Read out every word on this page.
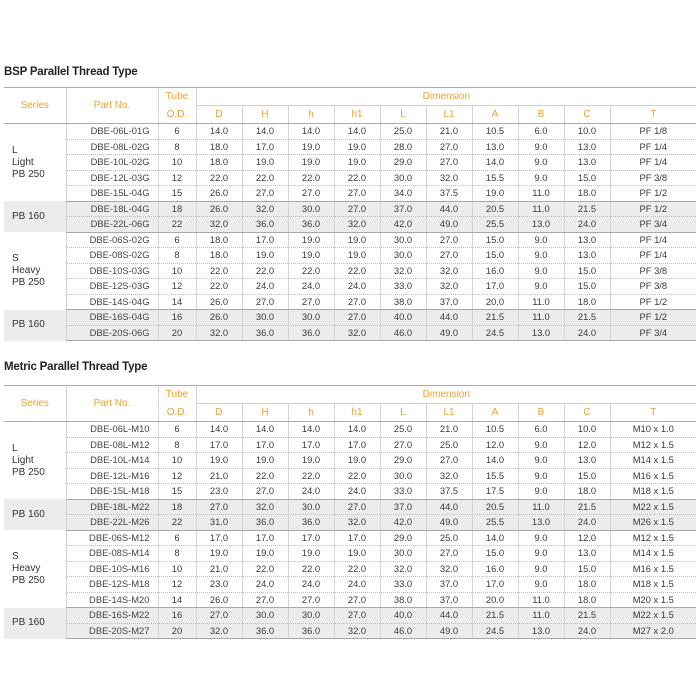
BSP Parallel Thread Type
Series	Part No.	Tube	Dimension									
		O.D.	D	H	h	h1	L	L1	A	B	C	T

L
Light
PB 250	DBE-06L-01G	6	14.0	14.0	14.0	14.0	25.0	21.0	10.5	6.0	10.0	PF 1/8
	DBE-08L-02G	8	18.0	17.0	19.0	19.0	28.0	27.0	13.0	9.0	13.0	PF 1/4
	DBE-10L-02G	10	18.0	19.0	19.0	19.0	29.0	27.0	14.0	9.0	13.0	PF 1/4
	DBE-12L-03G	12	22.0	22.0	22.0	22.0	30.0	32.0	15.5	9.0	15.0	PF 3/8
	DBE-15L-04G	15	26.0	27.0	27.0	27.0	34.0	37.5	19.0	11.0	18.0	PF 1/2

PB 160	DBE-18L-04G	18	26.0	32.0	30.0	27.0	37.0	44.0	20.5	11.0	21.5	PF 1/2
	DBE-22L-06G	22	32.0	36.0	36.0	32.0	42.0	49.0	25.5	13.0	24.0	PF 3/4

S
Heavy
PB 250	DBE-06S-02G	6	18.0	17.0	19.0	19.0	30.0	27.0	15.0	9.0	13.0	PF 1/4
	DBE-08S-02G	8	18.0	19.0	19.0	19.0	30.0	27.0	15.0	9.0	13.0	PF 1/4
	DBE-10S-03G	10	22.0	22.0	22.0	22.0	32.0	32.0	16.0	9.0	15.0	PF 3/8
	DBE-12S-03G	12	22.0	24.0	24.0	24.0	33.0	32.0	17.0	9.0	15.0	PF 3/8
	DBE-14S-04G	14	26.0	27.0	27.0	27.0	38.0	37.0	20.0	11.0	18.0	PF 1/2

PB 160	DBE-16S-04G	16	26.0	30.0	30.0	27.0	40.0	44.0	21.5	11.0	21.5	PF 1/2
	DBE-20S-06G	20	32.0	36.0	36.0	32.0	46.0	49.0	24.5	13.0	24.0	PF 3/4
Metric Parallel Thread Type
Series	Part No.	Tube	Dimension									
		O.D.	D	H	h	h1	L	L1	A	B	C	T

L
Light
PB 250	DBE-06L-M10	6	14.0	14.0	14.0	14.0	25.0	21.0	10.5	6.0	10.0	M10 x 1.0
	DBE-08L-M12	8	17.0	17.0	17.0	17.0	27.0	25.0	12.0	9.0	12.0	M12 x 1.5
	DBE-10L-M14	10	19.0	19.0	19.0	19.0	29.0	27.0	14.0	9.0	13.0	M14 x 1.5
	DBE-12L-M16	12	21.0	22.0	22.0	22.0	30.0	32.0	15.5	9.0	15.0	M16 x 1.5
	DBE-15L-M18	15	23.0	27.0	24.0	24.0	33.0	37.5	17.5	9.0	18.0	M18 x 1.5

PB 160	DBE-18L-M22	18	27.0	32.0	30.0	27.0	37.0	44.0	20.5	11.0	21.5	M22 x 1.5
	DBE-22L-M26	22	31.0	36.0	36.0	32.0	42.0	49.0	25.5	13.0	24.0	M26 x 1.5

S
Heavy
PB 250	DBE-06S-M12	6	17.0	17.0	17.0	17.0	29.0	25.0	14.0	9.0	12.0	M12 x 1.5
	DBE-08S-M14	8	19.0	19.0	19.0	19.0	30.0	27.0	15.0	9.0	13.0	M14 x 1.5
	DBE-10S-M16	10	21.0	22.0	22.0	22.0	32.0	32.0	16.0	9.0	15.0	M16 x 1.5
	DBE-12S-M18	12	23.0	24.0	24.0	24.0	33.0	37.0	17.0	9.0	18.0	M18 x 1.5
	DBE-14S-M20	14	26.0	27.0	27.0	27.0	38.0	37.0	20.0	11.0	18.0	M20 x 1.5

PB 160	DBE-16S-M22	16	27.0	30.0	30.0	27.0	40.0	44.0	21.5	11.0	21.5	M22 x 1.5
	DBE-20S-M27	20	32.0	36.0	36.0	32.0	46.0	49.0	24.5	13.0	24.0	M27 x 2.0
